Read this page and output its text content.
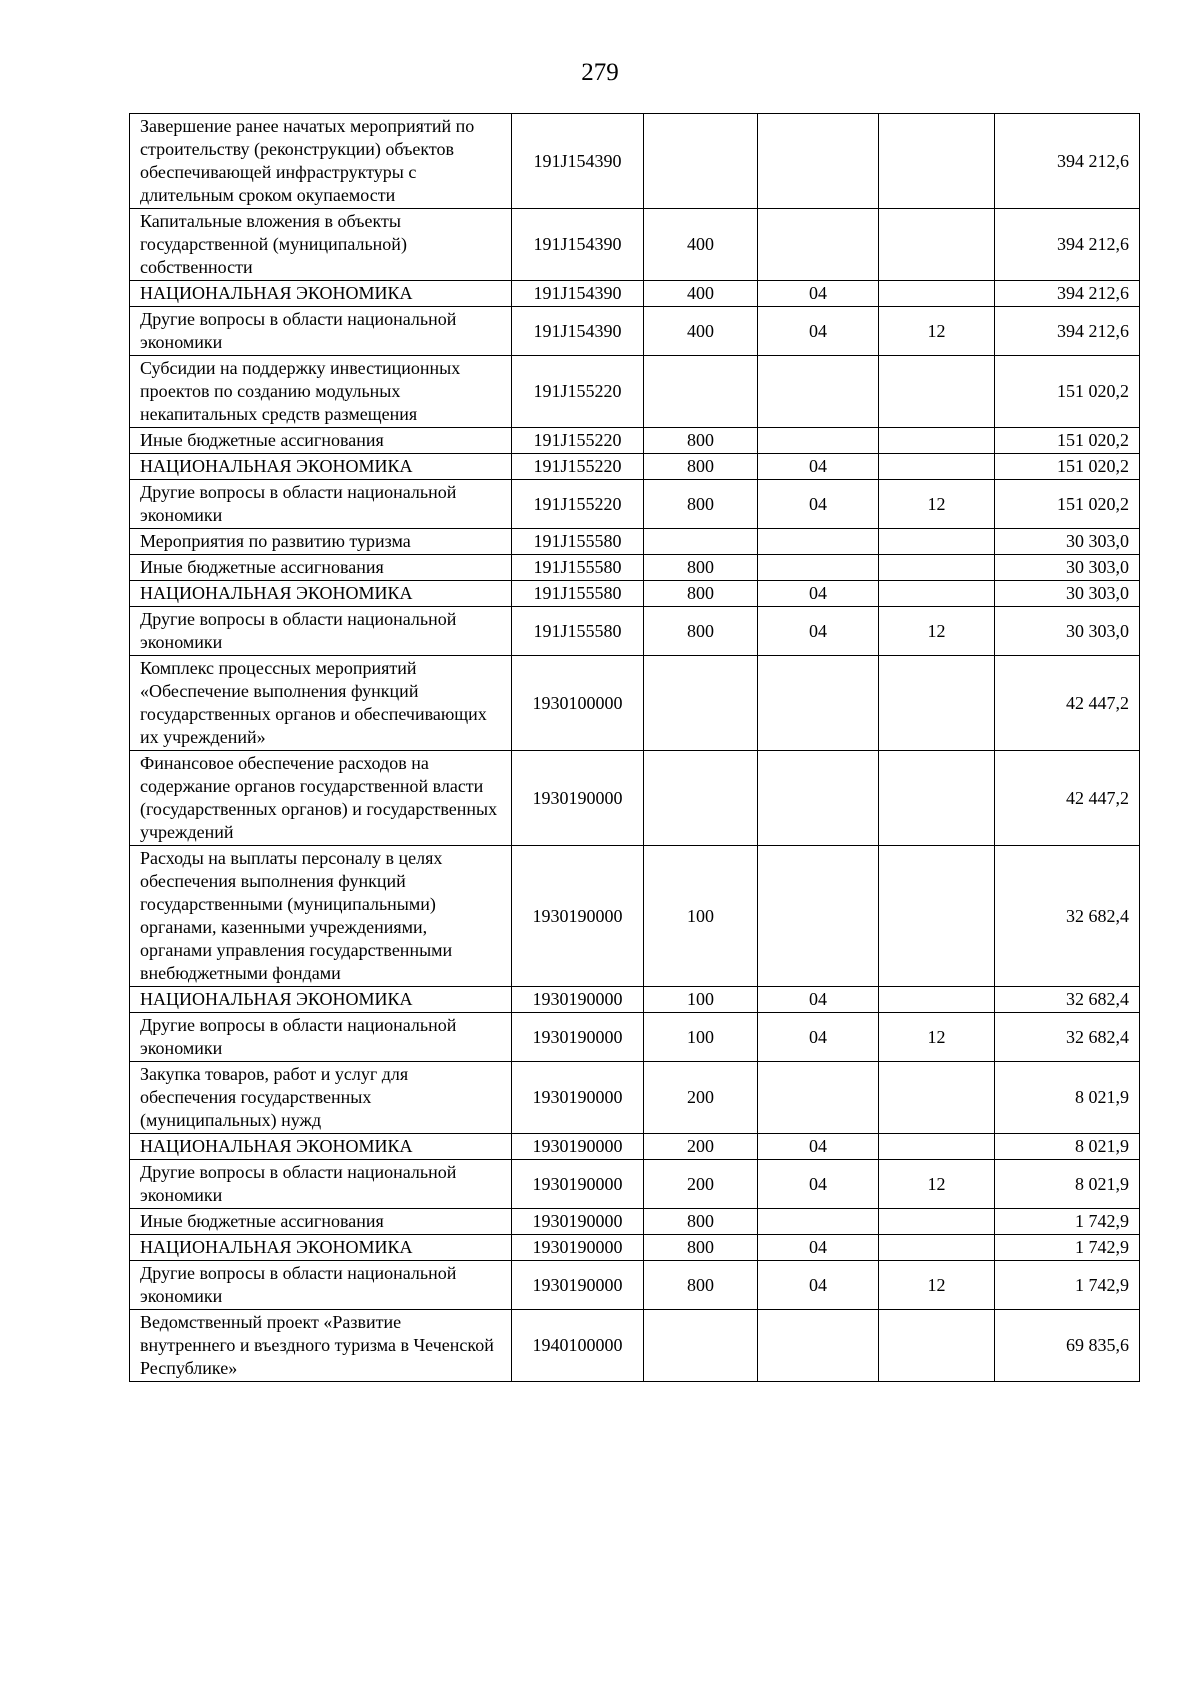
279
Завершение ранее начатых мероприятий по строительству (реконструкции) объектов обеспечивающей инфраструктуры с длительным сроком окупаемости	191J154390				394 212,6
Капитальные вложения в объекты государственной (муниципальной) собственности	191J154390	400			394 212,6
НАЦИОНАЛЬНАЯ ЭКОНОМИКА	191J154390	400	04		394 212,6
Другие вопросы в области национальной экономики	191J154390	400	04	12	394 212,6
Субсидии на поддержку инвестиционных проектов по созданию модульных некапитальных средств размещения	191J155220				151 020,2
Иные бюджетные ассигнования	191J155220	800			151 020,2
НАЦИОНАЛЬНАЯ ЭКОНОМИКА	191J155220	800	04		151 020,2
Другие вопросы в области национальной экономики	191J155220	800	04	12	151 020,2
Мероприятия по развитию туризма	191J155580				30 303,0
Иные бюджетные ассигнования	191J155580	800			30 303,0
НАЦИОНАЛЬНАЯ ЭКОНОМИКА	191J155580	800	04		30 303,0
Другие вопросы в области национальной экономики	191J155580	800	04	12	30 303,0
Комплекс процессных мероприятий «Обеспечение выполнения функций государственных органов и обеспечивающих их учреждений»	1930100000				42 447,2
Финансовое обеспечение расходов на содержание органов государственной власти (государственных органов) и государственных учреждений	1930190000				42 447,2
Расходы на выплаты персоналу в целях обеспечения выполнения функций государственными (муниципальными) органами, казенными учреждениями, органами управления государственными внебюджетными фондами	1930190000	100			32 682,4
НАЦИОНАЛЬНАЯ ЭКОНОМИКА	1930190000	100	04		32 682,4
Другие вопросы в области национальной экономики	1930190000	100	04	12	32 682,4
Закупка товаров, работ и услуг для обеспечения государственных (муниципальных) нужд	1930190000	200			8 021,9
НАЦИОНАЛЬНАЯ ЭКОНОМИКА	1930190000	200	04		8 021,9
Другие вопросы в области национальной экономики	1930190000	200	04	12	8 021,9
Иные бюджетные ассигнования	1930190000	800			1 742,9
НАЦИОНАЛЬНАЯ ЭКОНОМИКА	1930190000	800	04		1 742,9
Другие вопросы в области национальной экономики	1930190000	800	04	12	1 742,9
Ведомственный проект «Развитие внутреннего и въездного туризма в Чеченской Республике»	1940100000				69 835,6
